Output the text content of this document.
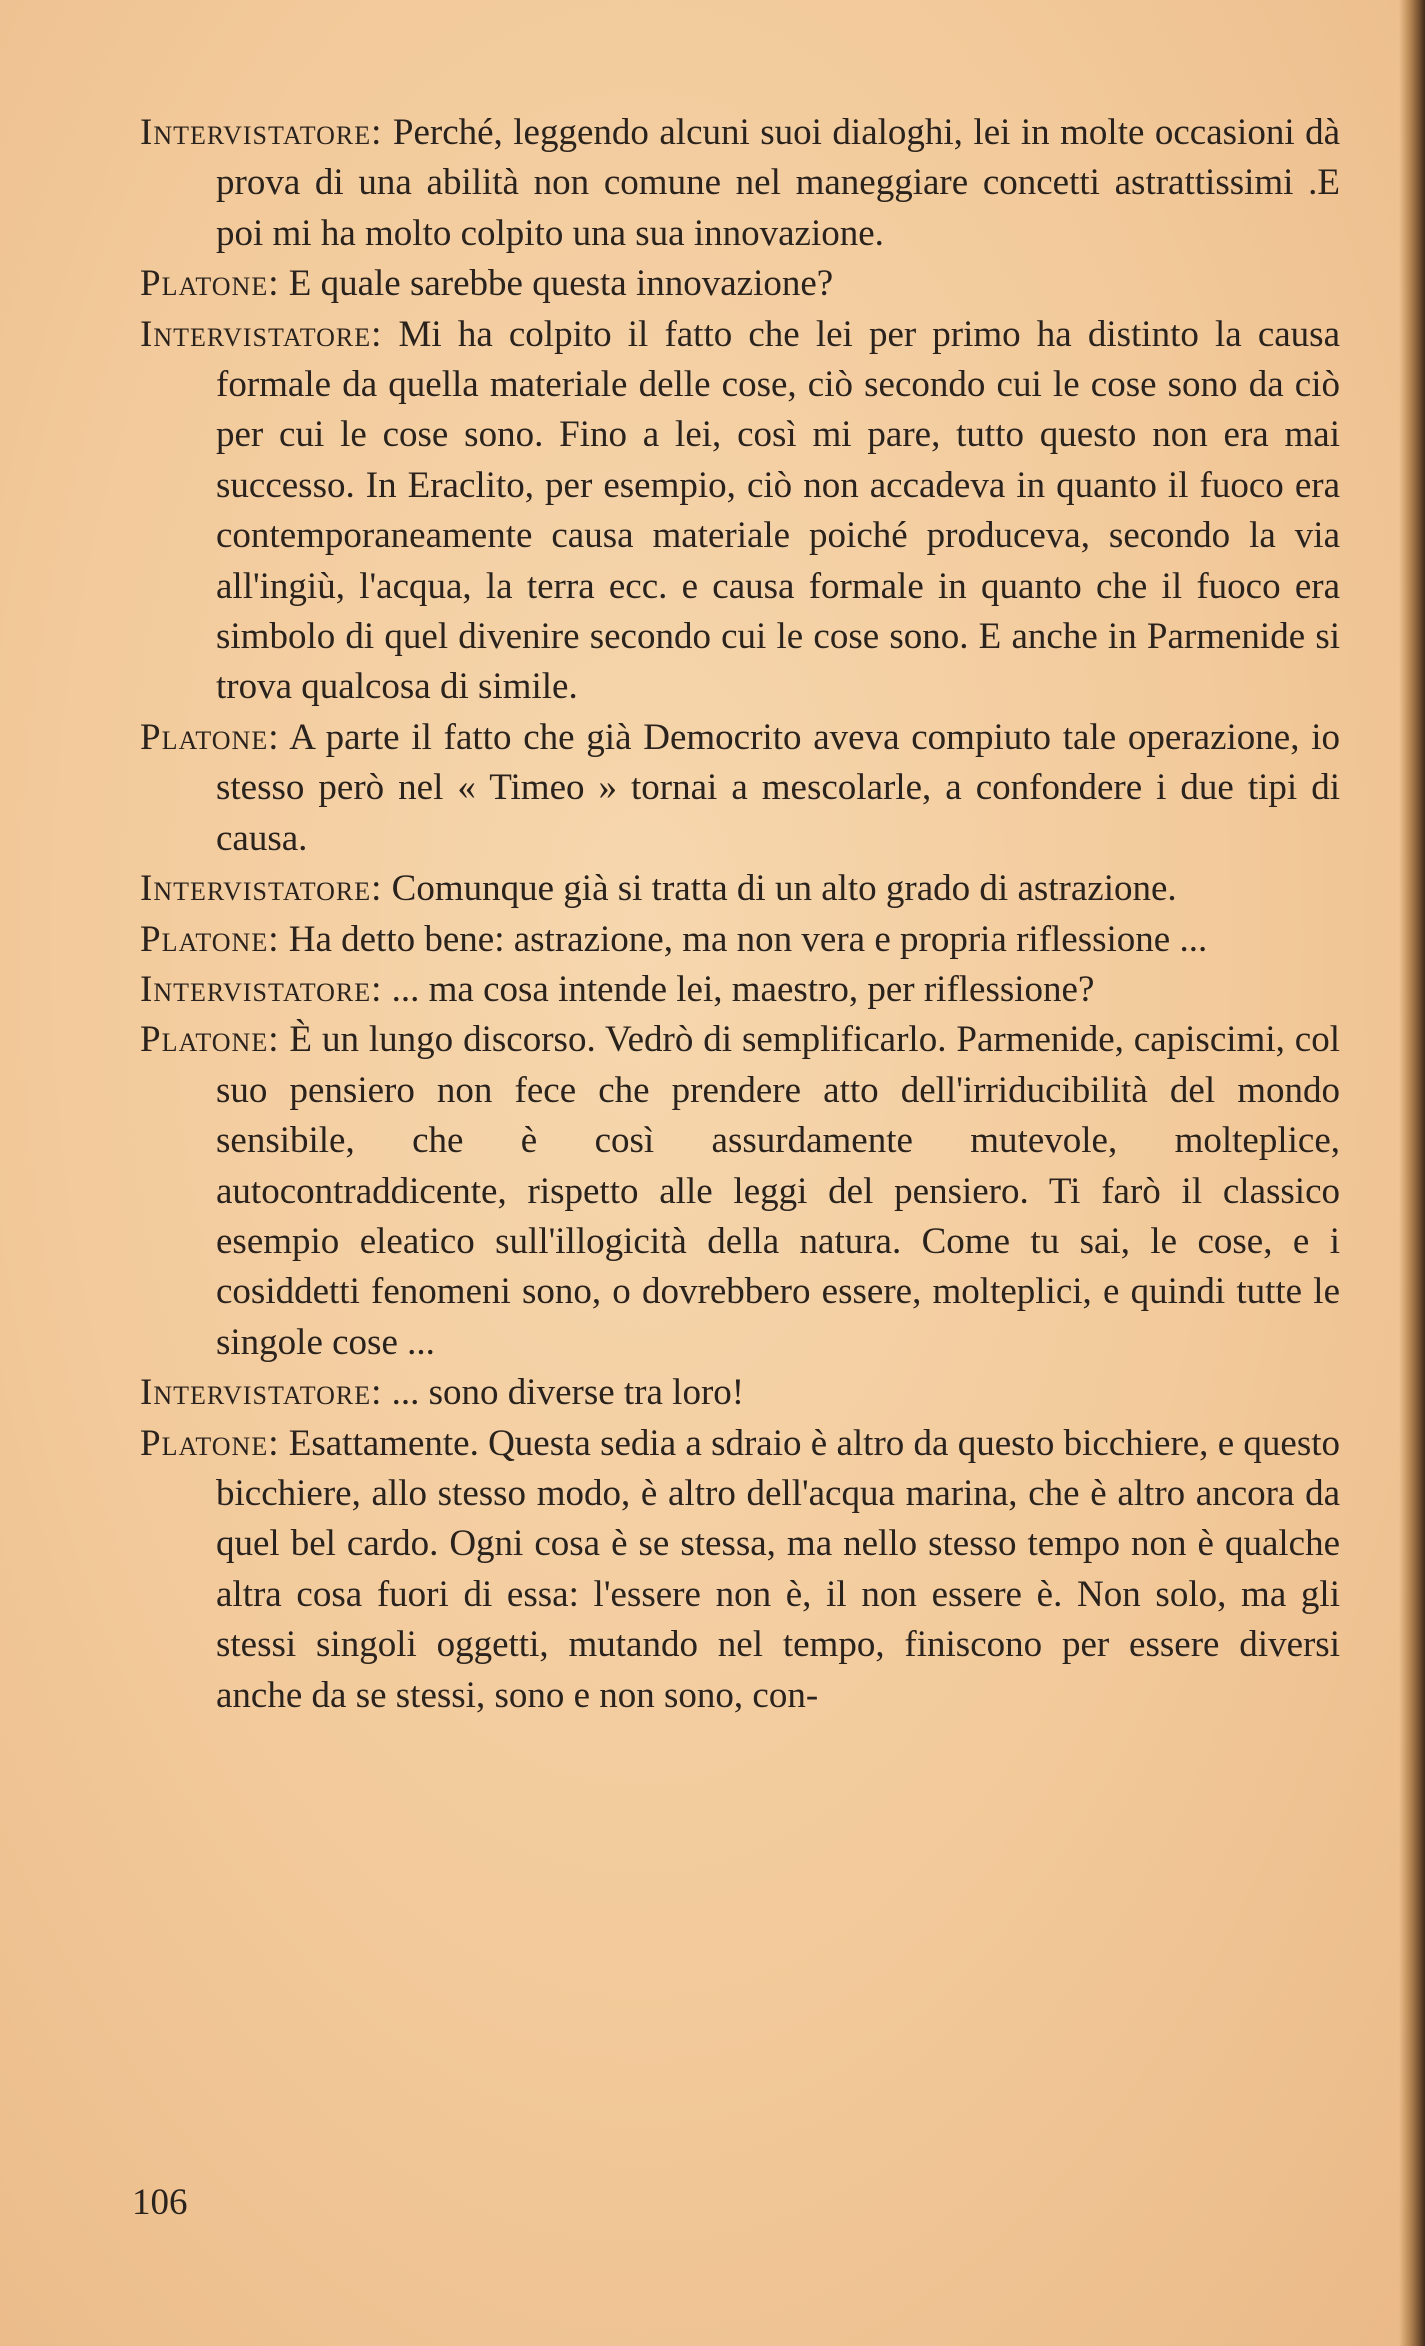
Intervistatore: Perché, leggendo alcuni suoi dialoghi, lei in molte occasioni dà prova di una abilità non comune nel maneggiare concetti astrattissimi .E poi mi ha molto colpito una sua innovazione.

Platone: E quale sarebbe questa innovazione?

Intervistatore: Mi ha colpito il fatto che lei per primo ha distinto la causa formale da quella materiale delle cose, ciò secondo cui le cose sono da ciò per cui le cose sono. Fino a lei, così mi pare, tutto questo non era mai successo. In Eraclito, per esempio, ciò non accadeva in quanto il fuoco era contemporaneamente causa materiale poiché produceva, secondo la via all'ingiù, l'acqua, la terra ecc. e causa formale in quanto che il fuoco era simbolo di quel divenire secondo cui le cose sono. E anche in Parmenide si trova qualcosa di simile.

Platone: A parte il fatto che già Democrito aveva compiuto tale operazione, io stesso però nel « Timeo » tornai a mescolarle, a confondere i due tipi di causa.

Intervistatore: Comunque già si tratta di un alto grado di astrazione.

Platone: Ha detto bene: astrazione, ma non vera e propria riflessione ...

Intervistatore: ... ma cosa intende lei, maestro, per riflessione?

Platone: È un lungo discorso. Vedrò di semplificarlo. Parmenide, capiscimi, col suo pensiero non fece che prendere atto dell'irriducibilità del mondo sensibile, che è così assurdamente mutevole, molteplice, autocontraddicente, rispetto alle leggi del pensiero. Ti farò il classico esempio eleatico sull'illogicità della natura. Come tu sai, le cose, e i cosiddetti fenomeni sono, o dovrebbero essere, molteplici, e quindi tutte le singole cose ...

Intervistatore: ... sono diverse tra loro!

Platone: Esattamente. Questa sedia a sdraio è altro da questo bicchiere, e questo bicchiere, allo stesso modo, è altro dell'acqua marina, che è altro ancora da quel bel cardo. Ogni cosa è se stessa, ma nello stesso tempo non è qualche altra cosa fuori di essa: l'essere non è, il non essere è. Non solo, ma gli stessi singoli oggetti, mutando nel tempo, finiscono per essere diversi anche da se stessi, sono e non sono, con-

106
